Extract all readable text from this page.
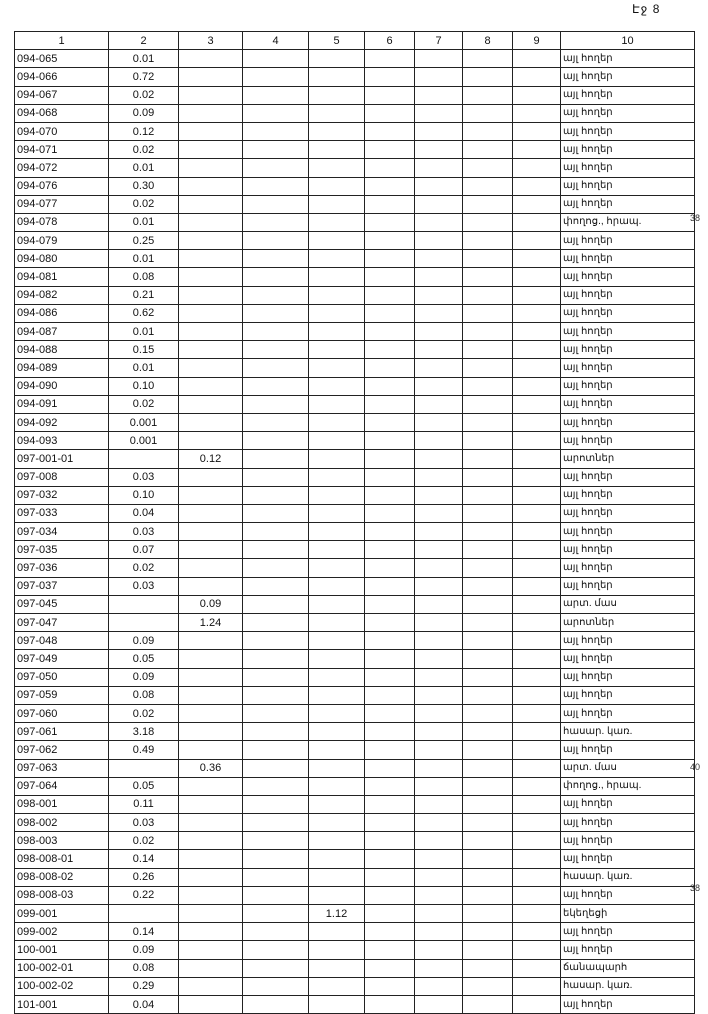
Էջ 8
38
40
38
1	2	3	4	5	6	7	8	9	10
094-065	0.01								այլ հողեր
094-066	0.72								այլ հողեր
094-067	0.02								այլ հողեր
094-068	0.09								այլ հողեր
094-070	0.12								այլ հողեր
094-071	0.02								այլ հողեր
094-072	0.01								այլ հողեր
094-076	0.30								այլ հողեր
094-077	0.02								այլ հողեր
094-078	0.01								փողոց., հրապ.
094-079	0.25								այլ հողեր
094-080	0.01								այլ հողեր
094-081	0.08								այլ հողեր
094-082	0.21								այլ հողեր
094-086	0.62								այլ հողեր
094-087	0.01								այլ հողեր
094-088	0.15								այլ հողեր
094-089	0.01								այլ հողեր
094-090	0.10								այլ հողեր
094-091	0.02								այլ հողեր
094-092	0.001								այլ հողեր
094-093	0.001								այլ հողեր
097-001-01		0.12							արոտներ
097-008	0.03								այլ հողեր
097-032	0.10								այլ հողեր
097-033	0.04								այլ հողեր
097-034	0.03								այլ հողեր
097-035	0.07								այլ հողեր
097-036	0.02								այլ հողեր
097-037	0.03								այլ հողեր
097-045		0.09							արտ. մաս
097-047		1.24							արոտներ
097-048	0.09								այլ հողեր
097-049	0.05								այլ հողեր
097-050	0.09								այլ հողեր
097-059	0.08								այլ հողեր
097-060	0.02								այլ հողեր
097-061	3.18								հասար. կառ.
097-062	0.49								այլ հողեր
097-063		0.36							արտ. մաս
097-064	0.05								փողոց., հրապ.
098-001	0.11								այլ հողեր
098-002	0.03								այլ հողեր
098-003	0.02								այլ հողեր
098-008-01	0.14								այլ հողեր
098-008-02	0.26								հասար. կառ.
098-008-03	0.22								այլ հողեր
099-001				1.12					եկեղեցի
099-002	0.14								այլ հողեր
100-001	0.09								այլ հողեր
100-002-01	0.08								ճանապարհ
100-002-02	0.29								հասար. կառ.
101-001	0.04								այլ հողեր
